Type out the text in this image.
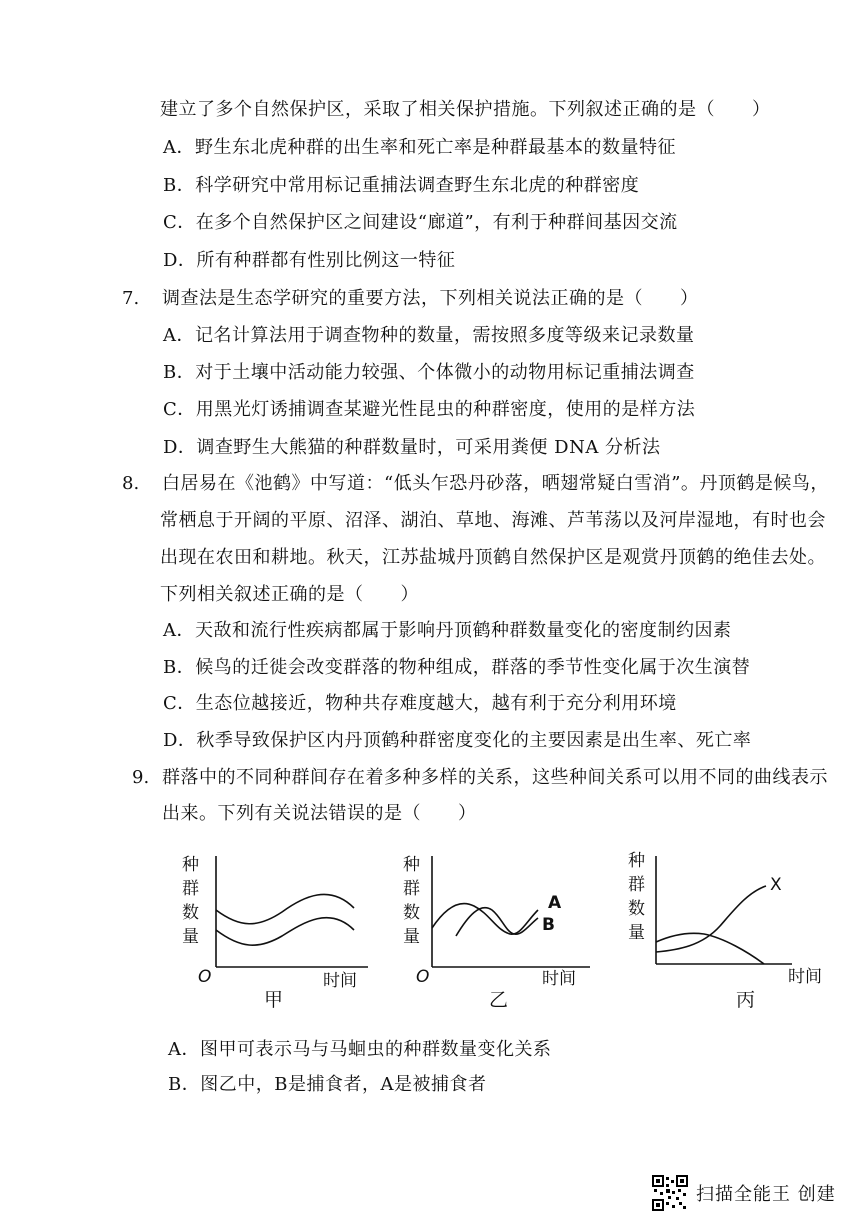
建立了多个自然保护区，采取了相关保护措施。下列叙述正确的是（　　）
A．野生东北虎种群的出生率和死亡率是种群最基本的数量特征
B．科学研究中常用标记重捕法调查野生东北虎的种群密度
C．在多个自然保护区之间建设“廊道”，有利于种群间基因交流
D．所有种群都有性别比例这一特征
7. 调查法是生态学研究的重要方法，下列相关说法正确的是（　　）
A．记名计算法用于调查物种的数量，需按照多度等级来记录数量
B．对于土壤中活动能力较强、个体微小的动物用标记重捕法调查
C．用黑光灯诱捕调查某避光性昆虫的种群密度，使用的是样方法
D．调查野生大熊猫的种群数量时，可采用粪便 DNA 分析法
8. 白居易在《池鹤》中写道：“低头乍恐丹砂落，晒翅常疑白雪消”。丹顶鹤是候鸟，
常栖息于开阔的平原、沼泽、湖泊、草地、海滩、芦苇荡以及河岸湿地，有时也会
出现在农田和耕地。秋天，江苏盐城丹顶鹤自然保护区是观赏丹顶鹤的绝佳去处。
下列相关叙述正确的是（　　）
A．天敌和流行性疾病都属于影响丹顶鹤种群数量变化的密度制约因素
B．候鸟的迁徙会改变群落的物种组成，群落的季节性变化属于次生演替
C．生态位越接近，物种共存难度越大，越有利于充分利用环境
D．秋季导致保护区内丹顶鹤种群密度变化的主要因素是出生率、死亡率
9. 群落中的不同种群间存在着多种多样的关系，这些种间关系可以用不同的曲线表示
出来。下列有关说法错误的是（　　）
种
群
数
量
O	时间
甲
种
群
数
量
O	时间
A
B
乙
种
群
数
量
时间
X
丙
A．图甲可表示马与马蛔虫的种群数量变化关系
B．图乙中，B是捕食者，A是被捕食者
扫描全能王 创建
